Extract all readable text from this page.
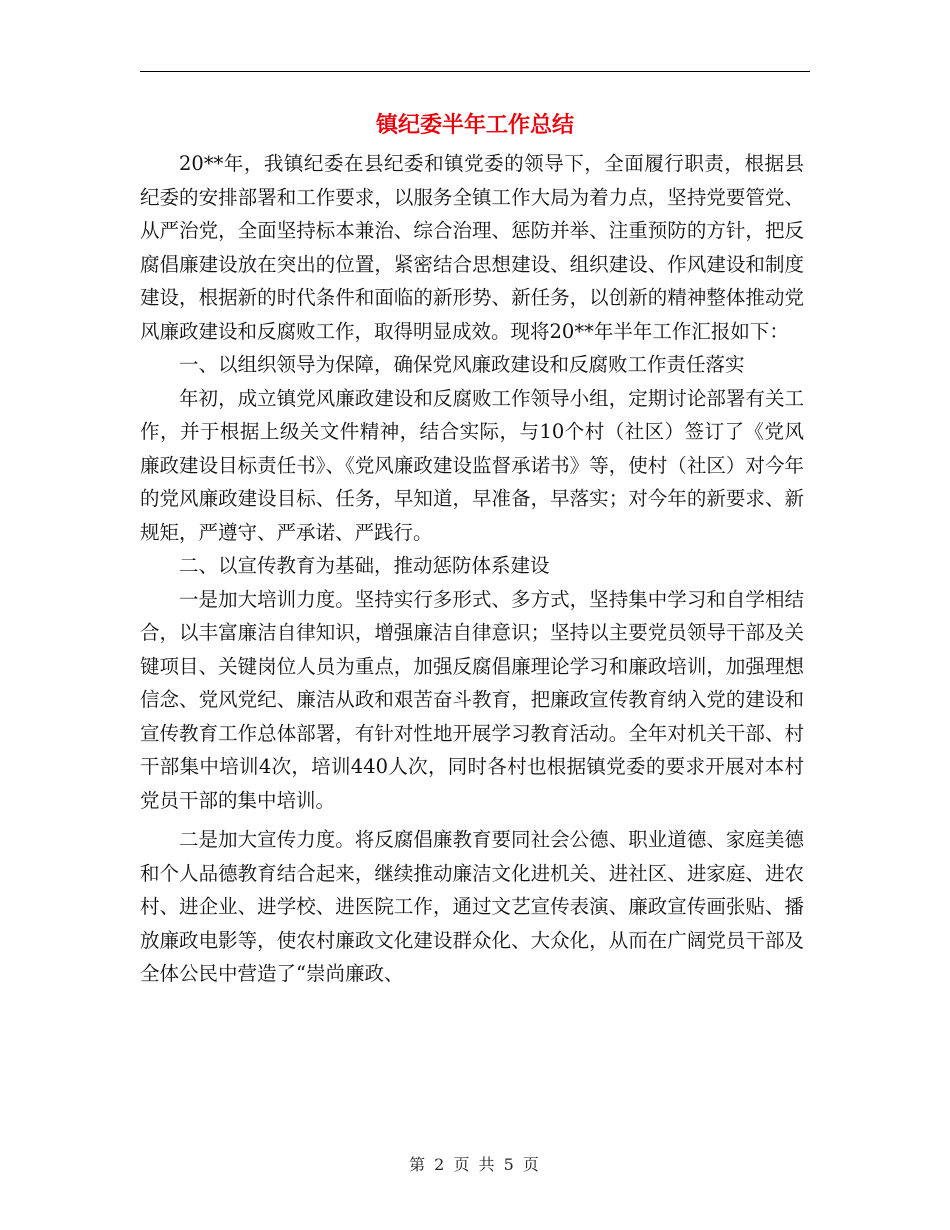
镇纪委半年工作总结

20**年，我镇纪委在县纪委和镇党委的领导下，全面履行职责，根据县纪委的安排部署和工作要求，以服务全镇工作大局为着力点，坚持党要管党、从严治党，全面坚持标本兼治、综合治理、惩防并举、注重预防的方针，把反腐倡廉建设放在突出的位置，紧密结合思想建设、组织建设、作风建设和制度建设，根据新的时代条件和面临的新形势、新任务，以创新的精神整体推动党风廉政建设和反腐败工作，取得明显成效。现将20**年半年工作汇报如下：

一、以组织领导为保障，确保党风廉政建设和反腐败工作责任落实

年初，成立镇党风廉政建设和反腐败工作领导小组，定期讨论部署有关工作，并于根据上级关文件精神，结合实际，与10个村（社区）签订了《党风廉政建设目标责任书》、《党风廉政建设监督承诺书》等，使村（社区）对今年的党风廉政建设目标、任务，早知道，早准备，早落实；对今年的新要求、新规矩，严遵守、严承诺、严践行。

二、以宣传教育为基础，推动惩防体系建设

一是加大培训力度。坚持实行多形式、多方式，坚持集中学习和自学相结合，以丰富廉洁自律知识，增强廉洁自律意识；坚持以主要党员领导干部及关键项目、关键岗位人员为重点，加强反腐倡廉理论学习和廉政培训，加强理想信念、党风党纪、廉洁从政和艰苦奋斗教育，把廉政宣传教育纳入党的建设和宣传教育工作总体部署，有针对性地开展学习教育活动。全年对机关干部、村干部集中培训4次，培训440人次，同时各村也根据镇党委的要求开展对本村党员干部的集中培训。

二是加大宣传力度。将反腐倡廉教育要同社会公德、职业道德、家庭美德和个人品德教育结合起来，继续推动廉洁文化进机关、进社区、进家庭、进农村、进企业、进学校、进医院工作，通过文艺宣传表演、廉政宣传画张贴、播放廉政电影等，使农村廉政文化建设群众化、大众化，从而在广阔党员干部及全体公民中营造了“崇尚廉政、

第 2 页 共 5 页
